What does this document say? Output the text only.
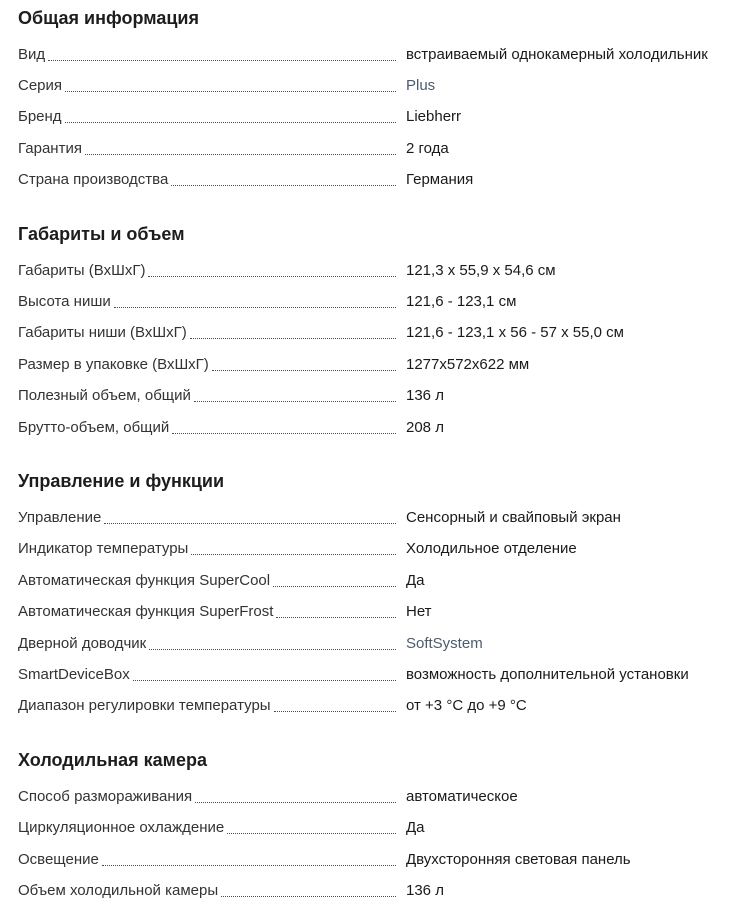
Общая информация
Вид	встраиваемый однокамерный холодильник
Серия	Plus
Бренд	Liebherr
Гарантия	2 года
Страна производства	Германия
Габариты и объем
Габариты (ВхШхГ)	121,3 x 55,9 x 54,6 см
Высота ниши	121,6 - 123,1 см
Габариты ниши (ВхШхГ)	121,6 - 123,1 x 56 - 57 x 55,0 см
Размер в упаковке (ВхШхГ)	1277х572х622 мм
Полезный объем, общий	136 л
Брутто-объем, общий	208 л
Управление и функции
Управление	Сенсорный и свайповый экран
Индикатор температуры	Холодильное отделение
Автоматическая функция SuperCool	Да
Автоматическая функция SuperFrost	Нет
Дверной доводчик	SoftSystem
SmartDeviceBox	возможность дополнительной установки
Диапазон регулировки температуры	от +3 °C до +9 °C
Холодильная камера
Способ размораживания	автоматическое
Циркуляционное охлаждение	Да
Освещение	Двухсторонняя световая панель
Объем холодильной камеры	136 л
